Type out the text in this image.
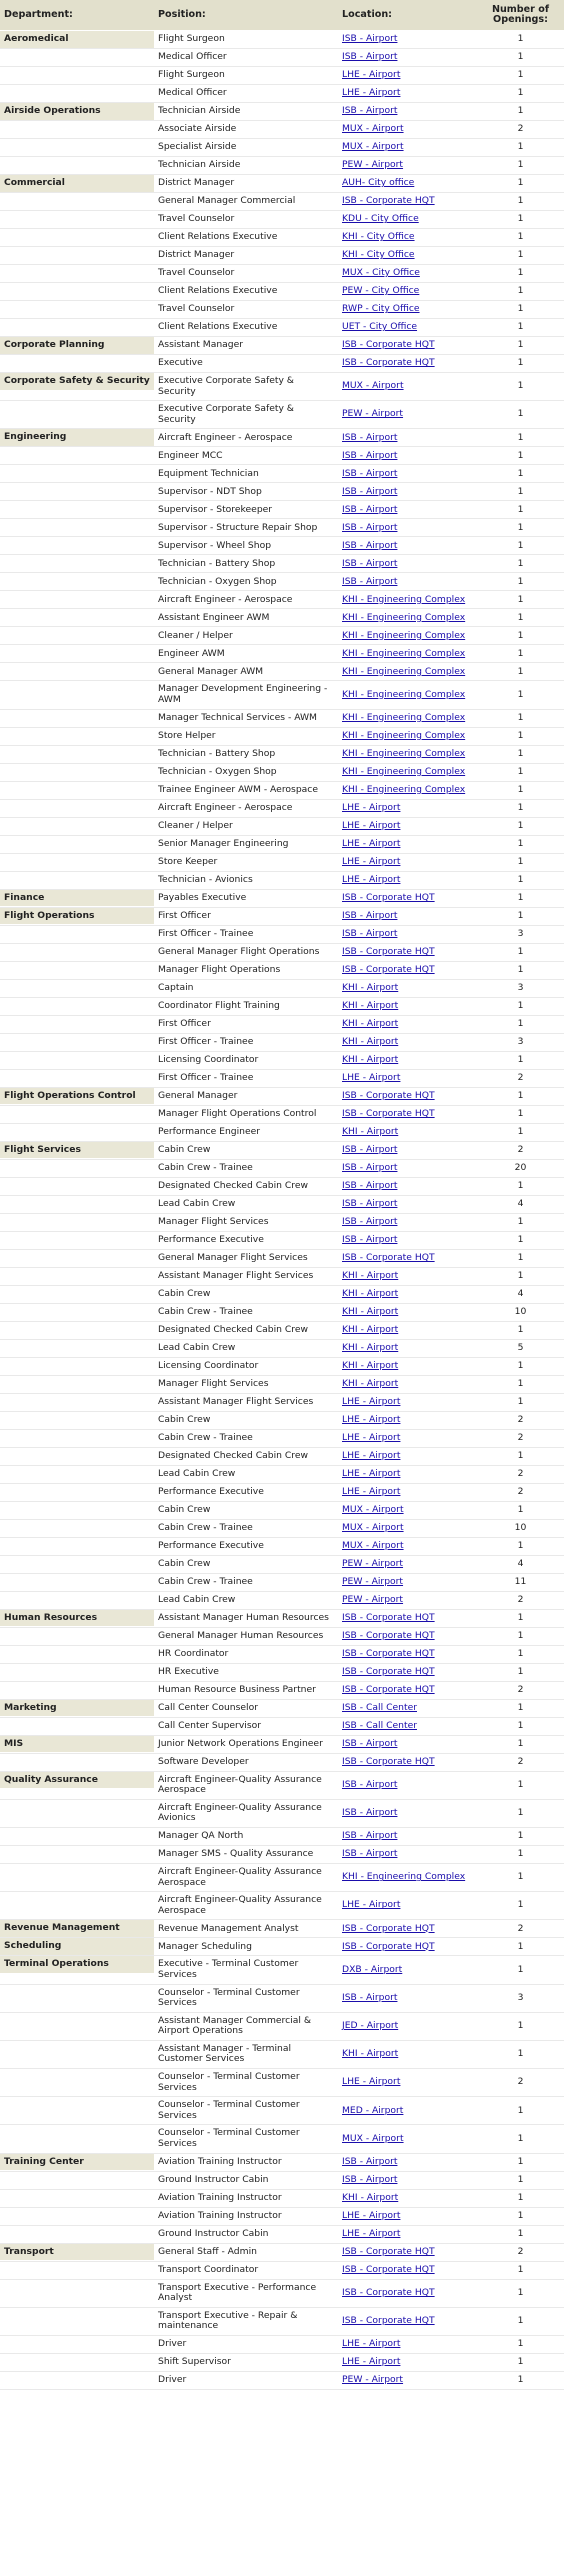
Department:	Position:	Location:	Number of Openings:

Aeromedical	Flight Surgeon	ISB - Airport	1
	Medical Officer	ISB - Airport	1
	Flight Surgeon	LHE - Airport	1
	Medical Officer	LHE - Airport	1

Airside Operations	Technician Airside	ISB - Airport	1
	Associate Airside	MUX - Airport	2
	Specialist Airside	MUX - Airport	1
	Technician Airside	PEW - Airport	1

Commercial	District Manager	AUH- City office	1
	General Manager Commercial	ISB - Corporate HQT	1
	Travel Counselor	KDU - City Office	1
	Client Relations Executive	KHI - City Office	1
	District Manager	KHI - City Office	1
	Travel Counselor	MUX - City Office	1
	Client Relations Executive	PEW - City Office	1
	Travel Counselor	RWP - City Office	1
	Client Relations Executive	UET - City Office	1

Corporate Planning	Assistant Manager	ISB - Corporate HQT	1
	Executive	ISB - Corporate HQT	1

Corporate Safety & Security	Executive Corporate Safety & Security	MUX - Airport	1
	Executive Corporate Safety & Security	PEW - Airport	1

Engineering	Aircraft Engineer - Aerospace	ISB - Airport	1
	Engineer MCC	ISB - Airport	1
	Equipment Technician	ISB - Airport	1
	Supervisor - NDT Shop	ISB - Airport	1
	Supervisor - Storekeeper	ISB - Airport	1
	Supervisor - Structure Repair Shop	ISB - Airport	1
	Supervisor - Wheel Shop	ISB - Airport	1
	Technician - Battery Shop	ISB - Airport	1
	Technician - Oxygen Shop	ISB - Airport	1
	Aircraft Engineer - Aerospace	KHI - Engineering Complex	1
	Assistant Engineer AWM	KHI - Engineering Complex	1
	Cleaner / Helper	KHI - Engineering Complex	1
	Engineer AWM	KHI - Engineering Complex	1
	General Manager AWM	KHI - Engineering Complex	1
	Manager Development Engineering - AWM	KHI - Engineering Complex	1
	Manager Technical Services - AWM	KHI - Engineering Complex	1
	Store Helper	KHI - Engineering Complex	1
	Technician - Battery Shop	KHI - Engineering Complex	1
	Technician - Oxygen Shop	KHI - Engineering Complex	1
	Trainee Engineer AWM - Aerospace	KHI - Engineering Complex	1
	Aircraft Engineer - Aerospace	LHE - Airport	1
	Cleaner / Helper	LHE - Airport	1
	Senior Manager Engineering	LHE - Airport	1
	Store Keeper	LHE - Airport	1
	Technician - Avionics	LHE - Airport	1

Finance	Payables Executive	ISB - Corporate HQT	1

Flight Operations	First Officer	ISB - Airport	1
	First Officer - Trainee	ISB - Airport	3
	General Manager Flight Operations	ISB - Corporate HQT	1
	Manager Flight Operations	ISB - Corporate HQT	1
	Captain	KHI - Airport	3
	Coordinator Flight Training	KHI - Airport	1
	First Officer	KHI - Airport	1
	First Officer - Trainee	KHI - Airport	3
	Licensing Coordinator	KHI - Airport	1
	First Officer - Trainee	LHE - Airport	2

Flight Operations Control	General Manager	ISB - Corporate HQT	1
	Manager Flight Operations Control	ISB - Corporate HQT	1
	Performance Engineer	KHI - Airport	1

Flight Services	Cabin Crew	ISB - Airport	2
	Cabin Crew - Trainee	ISB - Airport	20
	Designated Checked Cabin Crew	ISB - Airport	1
	Lead Cabin Crew	ISB - Airport	4
	Manager Flight Services	ISB - Airport	1
	Performance Executive	ISB - Airport	1
	General Manager Flight Services	ISB - Corporate HQT	1
	Assistant Manager Flight Services	KHI - Airport	1
	Cabin Crew	KHI - Airport	4
	Cabin Crew - Trainee	KHI - Airport	10
	Designated Checked Cabin Crew	KHI - Airport	1
	Lead Cabin Crew	KHI - Airport	5
	Licensing Coordinator	KHI - Airport	1
	Manager Flight Services	KHI - Airport	1
	Assistant Manager Flight Services	LHE - Airport	1
	Cabin Crew	LHE - Airport	2
	Cabin Crew - Trainee	LHE - Airport	2
	Designated Checked Cabin Crew	LHE - Airport	1
	Lead Cabin Crew	LHE - Airport	2
	Performance Executive	LHE - Airport	2
	Cabin Crew	MUX - Airport	1
	Cabin Crew - Trainee	MUX - Airport	10
	Performance Executive	MUX - Airport	1
	Cabin Crew	PEW - Airport	4
	Cabin Crew - Trainee	PEW - Airport	11
	Lead Cabin Crew	PEW - Airport	2

Human Resources	Assistant Manager Human Resources	ISB - Corporate HQT	1
	General Manager Human Resources	ISB - Corporate HQT	1
	HR Coordinator	ISB - Corporate HQT	1
	HR Executive	ISB - Corporate HQT	1
	Human Resource Business Partner	ISB - Corporate HQT	2

Marketing	Call Center Counselor	ISB - Call Center	1
	Call Center Supervisor	ISB - Call Center	1

MIS	Junior Network Operations Engineer	ISB - Airport	1
	Software Developer	ISB - Corporate HQT	2

Quality Assurance	Aircraft Engineer-Quality Assurance Aerospace	ISB - Airport	1
	Aircraft Engineer-Quality Assurance Avionics	ISB - Airport	1
	Manager QA North	ISB - Airport	1
	Manager SMS - Quality Assurance	ISB - Airport	1
	Aircraft Engineer-Quality Assurance Aerospace	KHI - Engineering Complex	1
	Aircraft Engineer-Quality Assurance Aerospace	LHE - Airport	1

Revenue Management	Revenue Management Analyst	ISB - Corporate HQT	2

Scheduling	Manager Scheduling	ISB - Corporate HQT	1

Terminal Operations	Executive - Terminal Customer Services	DXB - Airport	1
	Counselor - Terminal Customer Services	ISB - Airport	3
	Assistant Manager Commercial & Airport Operations	JED - Airport	1
	Assistant Manager - Terminal Customer Services	KHI - Airport	1
	Counselor - Terminal Customer Services	LHE - Airport	2
	Counselor - Terminal Customer Services	MED - Airport	1
	Counselor - Terminal Customer Services	MUX - Airport	1

Training Center	Aviation Training Instructor	ISB - Airport	1
	Ground Instructor Cabin	ISB - Airport	1
	Aviation Training Instructor	KHI - Airport	1
	Aviation Training Instructor	LHE - Airport	1
	Ground Instructor Cabin	LHE - Airport	1

Transport	General Staff - Admin	ISB - Corporate HQT	2
	Transport Coordinator	ISB - Corporate HQT	1
	Transport Executive - Performance Analyst	ISB - Corporate HQT	1
	Transport Executive - Repair & maintenance	ISB - Corporate HQT	1
	Driver	LHE - Airport	1
	Shift Supervisor	LHE - Airport	1
	Driver	PEW - Airport	1
